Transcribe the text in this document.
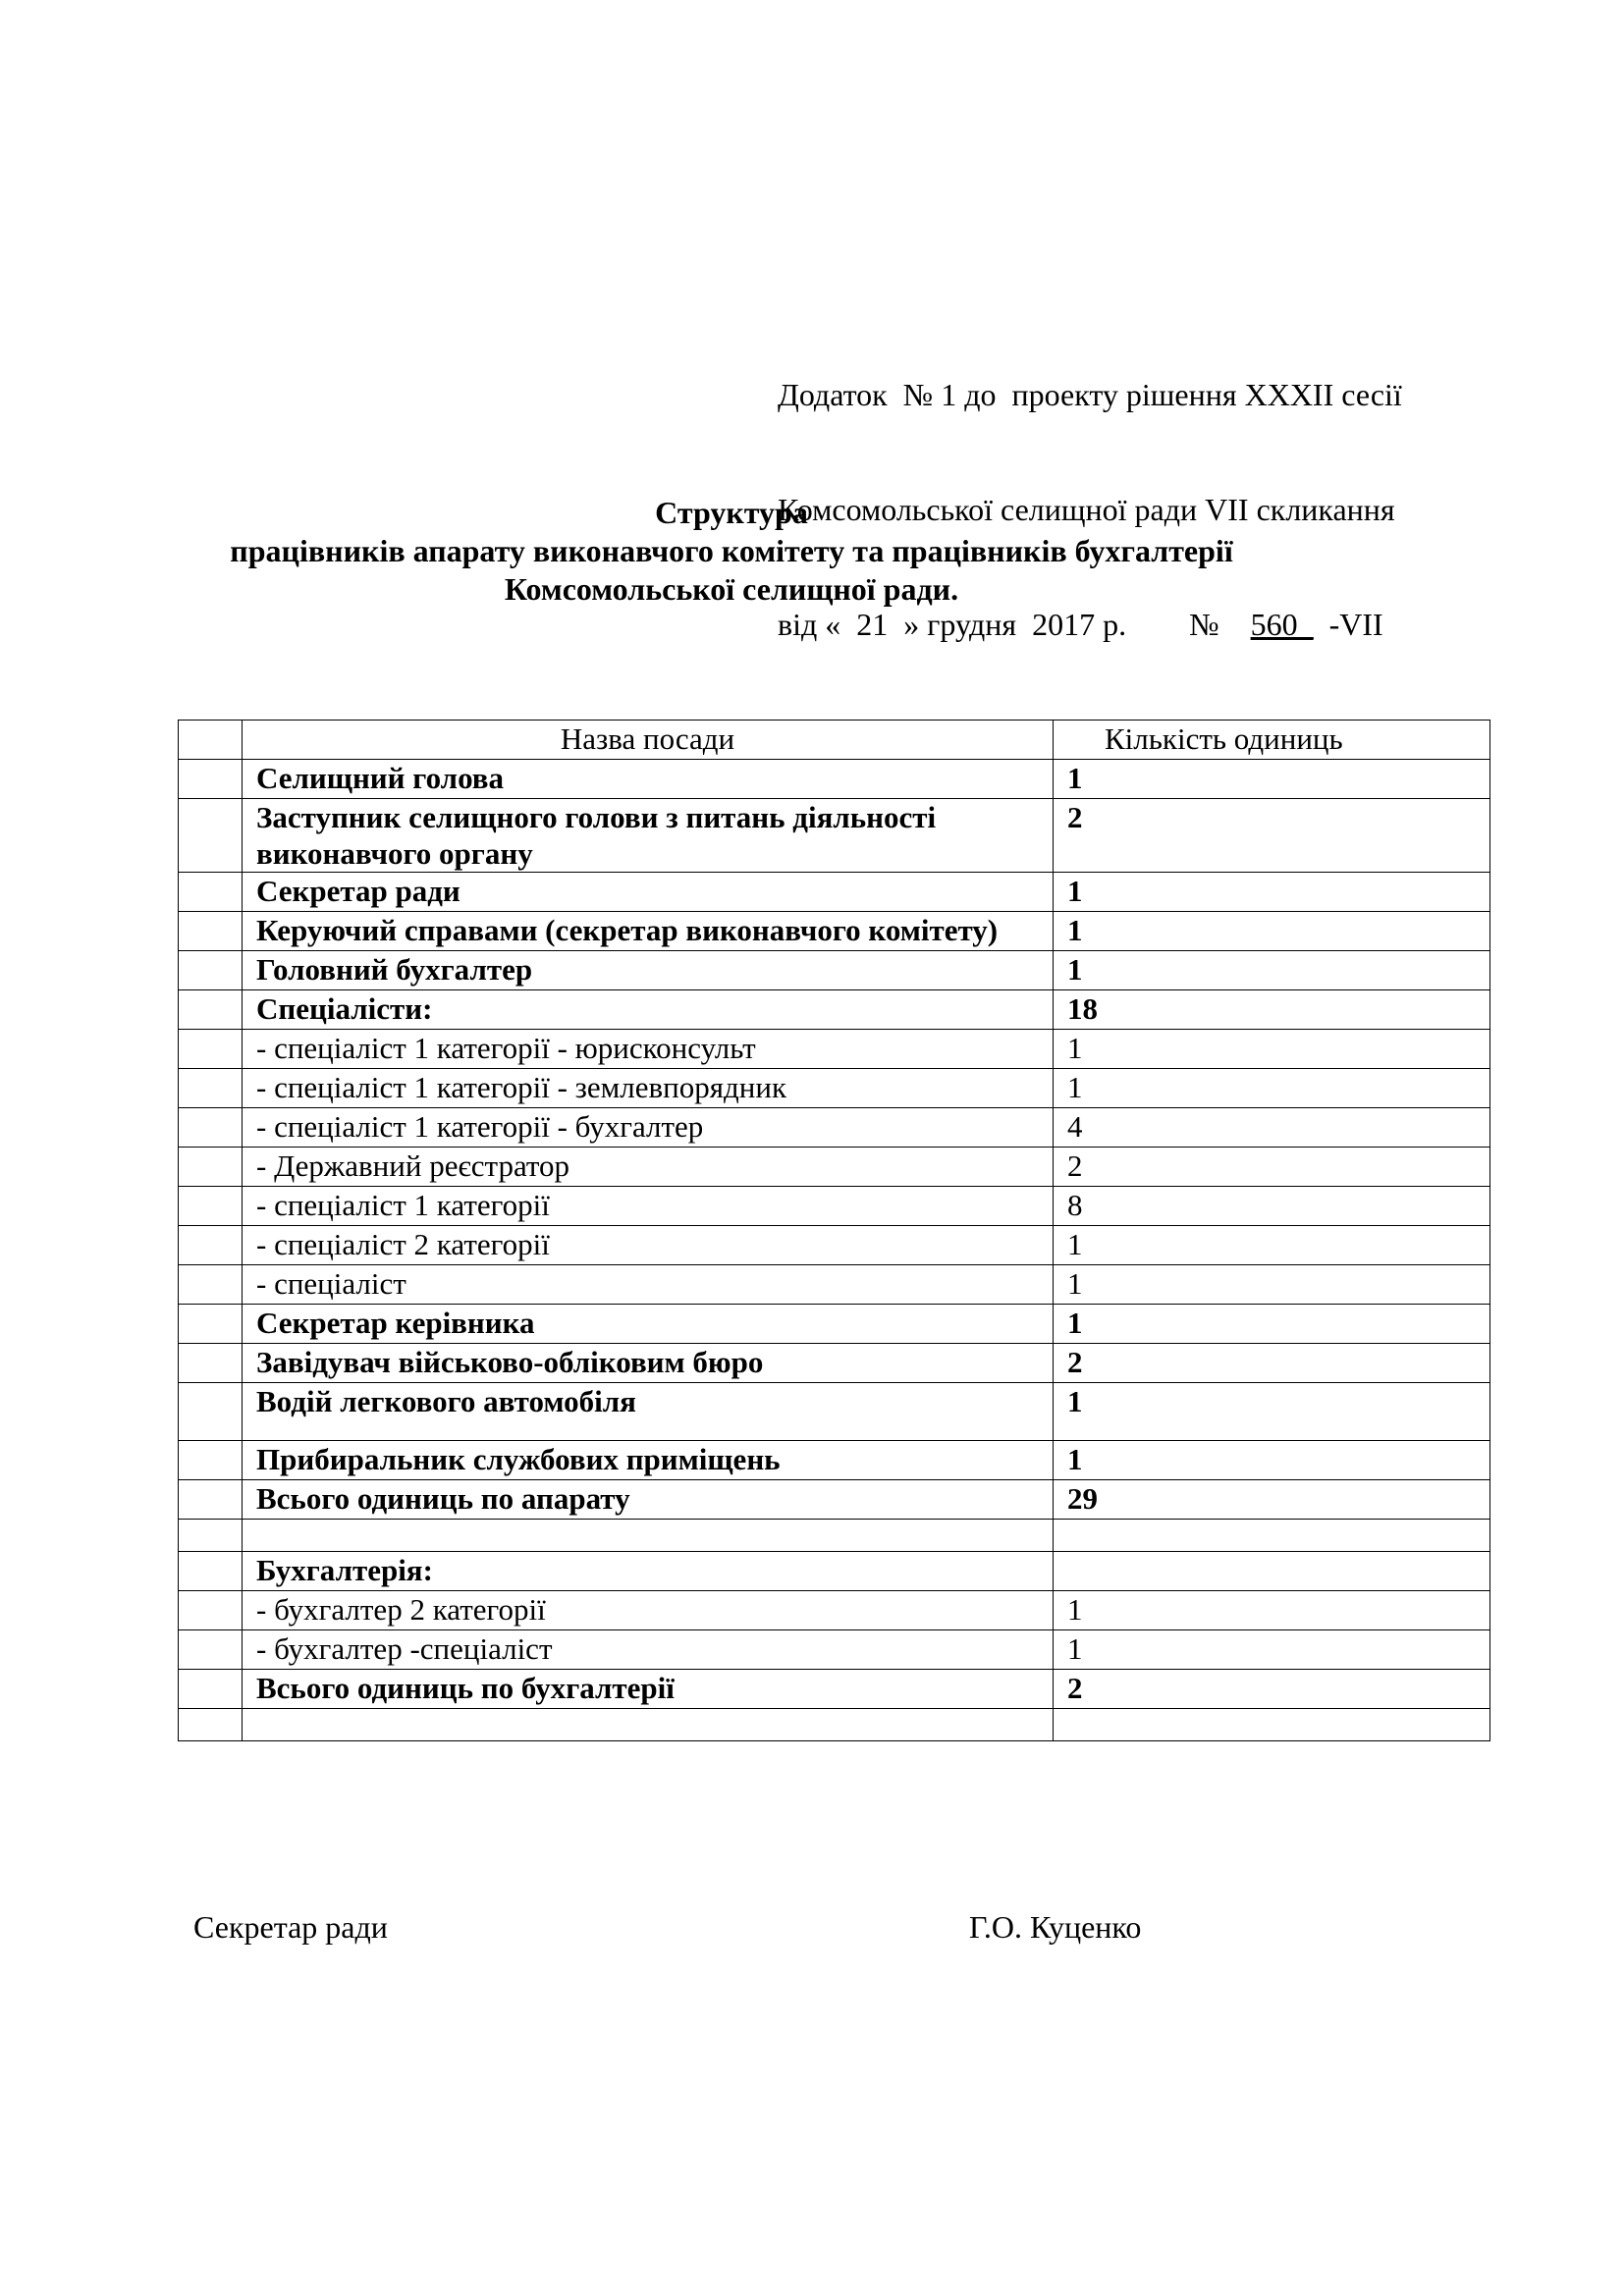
Додаток  № 1 до  проекту рішення XXXII сесії

Комсомольської селищної ради VII скликання

від «  21  » грудня  2017 р.        №    560_  -VII

Структура
працівників апарату виконавчого комітету та працівників бухгалтерії
Комсомольської селищної ради.
	Назва посади	Кількість одиниць
	Селищний голова	1
	Заступник селищного голови з питань діяльності виконавчого органу	2
	Секретар ради	1
	Керуючий справами (секретар виконавчого комітету)	1
	Головний бухгалтер	1
	Спеціалісти:	18
	- спеціаліст 1 категорії - юрисконсульт	1
	- спеціаліст 1 категорії - землевпорядник	1
	- спеціаліст 1 категорії - бухгалтер	4
	- Державний реєстратор	2
	- спеціаліст 1 категорії	8
	- спеціаліст 2 категорії	1
	- спеціаліст	1
	Секретар керівника	1
	Завідувач військово-обліковим бюро	2
	Водій легкового автомобіля	1
	Прибиральник службових приміщень	1
	Всього одиниць по апарату	29

	Бухгалтерія:	
	- бухгалтер 2 категорії	1
	- бухгалтер -спеціаліст	1
	Всього одиниць по бухгалтерії	2

Секретар ради	Г.О. Куценко
